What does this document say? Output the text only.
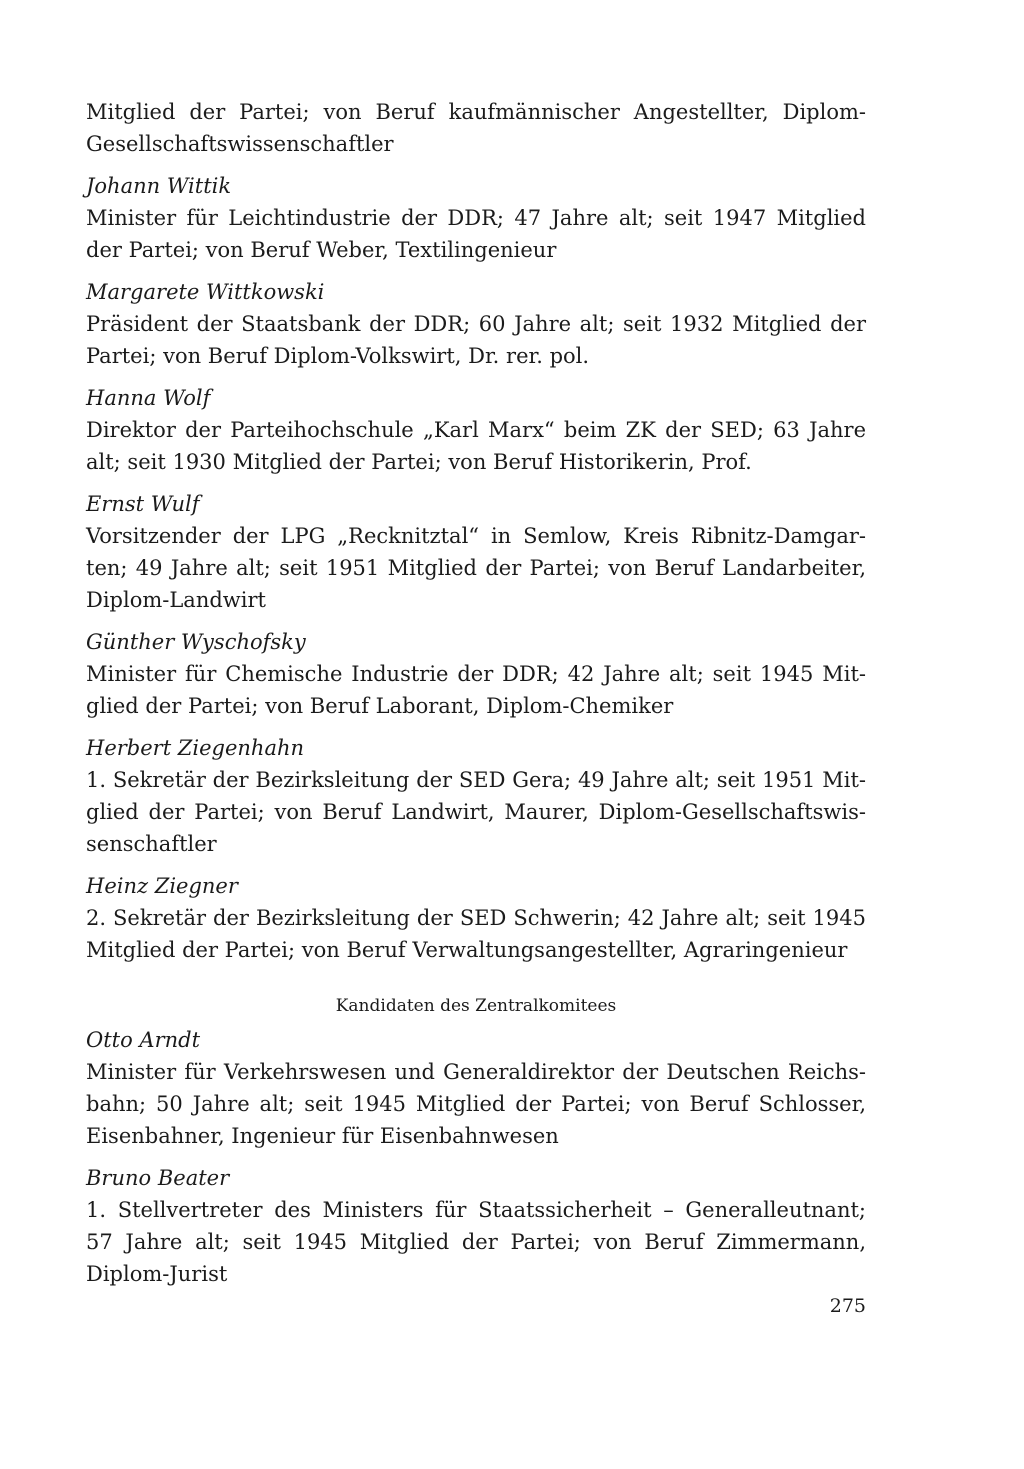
Mitglied der Partei; von Beruf kaufmännischer Angestellter, Diplom-
Gesellschaftswissenschaftler
Johann Wittik
Minister für Leichtindustrie der DDR; 47 Jahre alt; seit 1947 Mitglied
der Partei; von Beruf Weber, Textilingenieur
Margarete Wittkowski
Präsident der Staatsbank der DDR; 60 Jahre alt; seit 1932 Mitglied der
Partei; von Beruf Diplom-Volkswirt, Dr. rer. pol.
Hanna Wolf
Direktor der Parteihochschule „Karl Marx“ beim ZK der SED; 63 Jahre
alt; seit 1930 Mitglied der Partei; von Beruf Historikerin, Prof.
Ernst Wulf
Vorsitzender der LPG „Recknitztal“ in Semlow, Kreis Ribnitz-Damgar-
ten; 49 Jahre alt; seit 1951 Mitglied der Partei; von Beruf Landarbeiter,
Diplom-Landwirt
Günther Wyschofsky
Minister für Chemische Industrie der DDR; 42 Jahre alt; seit 1945 Mit-
glied der Partei; von Beruf Laborant, Diplom-Chemiker
Herbert Ziegenhahn
1. Sekretär der Bezirksleitung der SED Gera; 49 Jahre alt; seit 1951 Mit-
glied der Partei; von Beruf Landwirt, Maurer, Diplom-Gesellschaftswis-
senschaftler
Heinz Ziegner
2. Sekretär der Bezirksleitung der SED Schwerin; 42 Jahre alt; seit 1945
Mitglied der Partei; von Beruf Verwaltungsangestellter, Agraringenieur
Kandidaten des Zentralkomitees
Otto Arndt
Minister für Verkehrswesen und Generaldirektor der Deutschen Reichs-
bahn; 50 Jahre alt; seit 1945 Mitglied der Partei; von Beruf Schlosser,
Eisenbahner, Ingenieur für Eisenbahnwesen
Bruno Beater
1. Stellvertreter des Ministers für Staatssicherheit – Generalleutnant;
57 Jahre alt; seit 1945 Mitglied der Partei; von Beruf Zimmermann,
Diplom-Jurist
275
